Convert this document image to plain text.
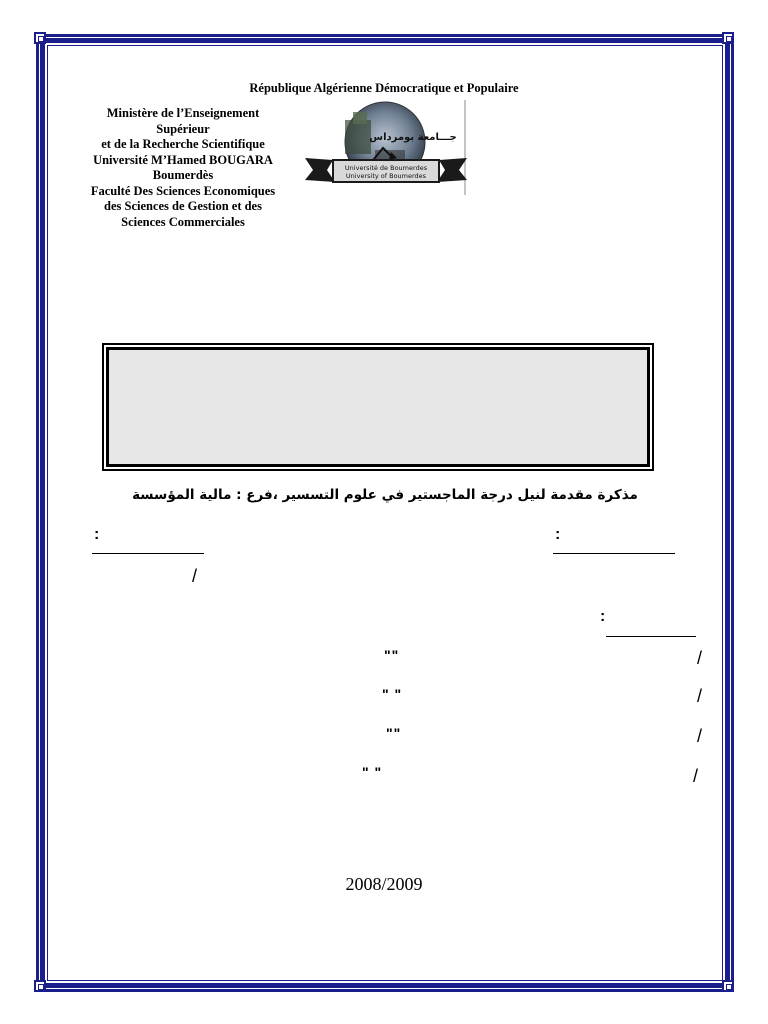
République Algérienne Démocratique et Populaire
Ministère de l’Enseignement
Supérieur
et de la Recherche Scientifique
Université M’Hamed BOUGARA
Boumerdès
Faculté Des Sciences Economiques
des Sciences de Gestion et des
Sciences Commerciales
جـــامعة بومرداس
Université de Boumerdes
University of Boumerdes
مذكرة مقدمة لنيل درجة الماجستير في علوم التسسير ،فرع : مالية المؤسسة
:	:
/
:
""	/
" "	/
""	/
" "	/
2008/2009
